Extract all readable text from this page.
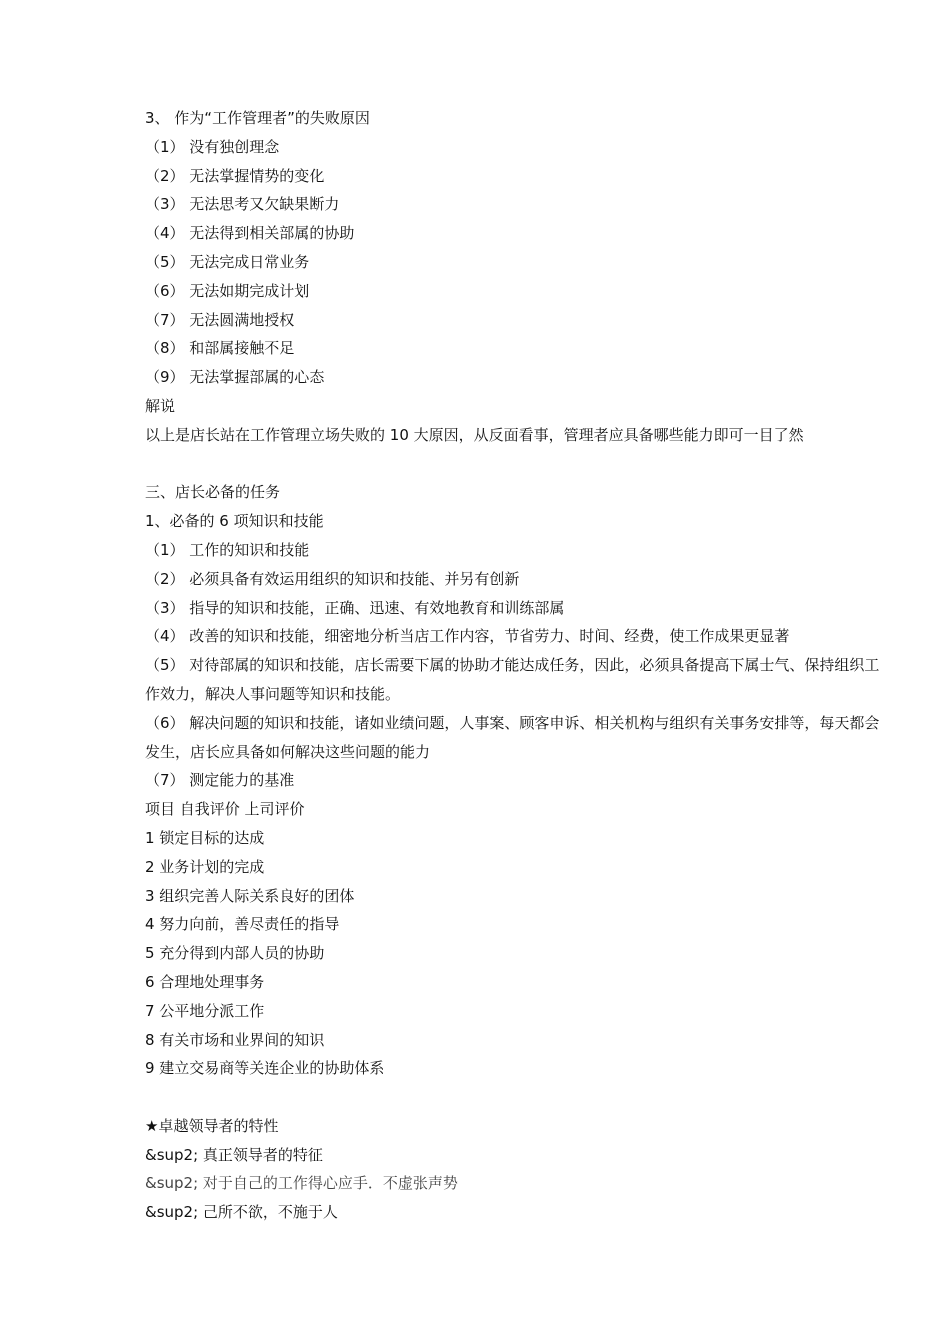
3、 作为“工作管理者”的失败原因
（1） 没有独创理念
（2） 无法掌握情势的变化
（3） 无法思考又欠缺果断力
（4） 无法得到相关部属的协助
（5） 无法完成日常业务
（6） 无法如期完成计划
（7） 无法圆满地授权
（8） 和部属接触不足
（9） 无法掌握部属的心态
解说
以上是店长站在工作管理立场失败的 10 大原因，从反面看事，管理者应具备哪些能力即可一目了然
三、店长必备的任务
1、必备的 6 项知识和技能
（1） 工作的知识和技能
（2） 必须具备有效运用组织的知识和技能、并另有创新
（3） 指导的知识和技能，正确、迅速、有效地教育和训练部属
（4） 改善的知识和技能，细密地分析当店工作内容，节省劳力、时间、经费，使工作成果更显著
（5） 对待部属的知识和技能，店长需要下属的协助才能达成任务，因此，必须具备提高下属士气、保持组织工作效力，解决人事问题等知识和技能。
（6） 解决问题的知识和技能，诸如业绩问题，人事案、顾客申诉、相关机构与组织有关事务安排等，每天都会发生，店长应具备如何解决这些问题的能力
（7） 测定能力的基准
项目 自我评价 上司评价
1 锁定目标的达成
2 业务计划的完成
3 组织完善人际关系良好的团体
4 努力向前，善尽责任的指导
5 充分得到内部人员的协助
6 合理地处理事务
7 公平地分派工作
8 有关市场和业界间的知识
9 建立交易商等关连企业的协助体系
★卓越领导者的特性
&sup2; 真正领导者的特征
&sup2; 对于自己的工作得心应手．不虚张声势
&sup2; 己所不欲，不施于人
